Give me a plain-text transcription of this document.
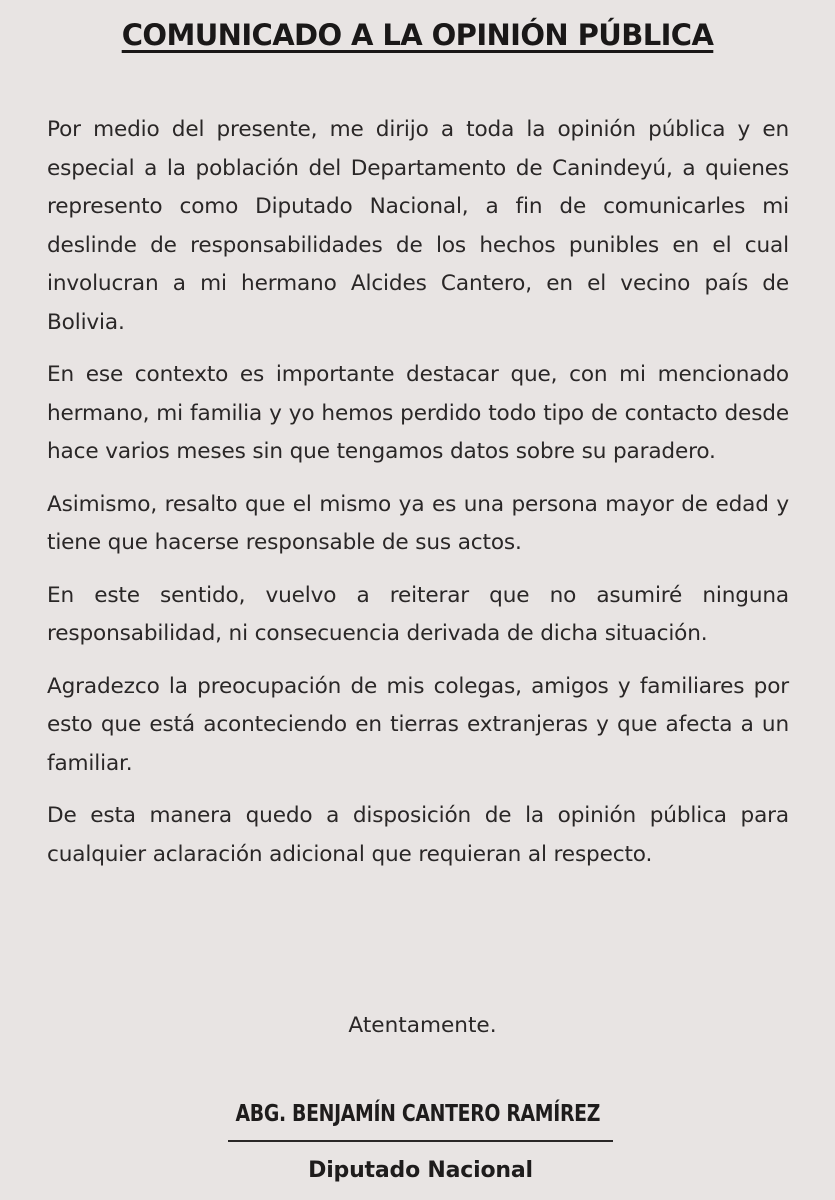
COMUNICADO A LA OPINIÓN PÚBLICA

Por medio del presente, me dirijo a toda la opinión pública y en especial a la población del Departamento de Canindeyú, a quienes represento como Diputado Nacional, a fin de comunicarles mi deslinde de responsabilidades de los hechos punibles en el cual involucran a mi hermano Alcides Cantero, en el vecino país de Bolivia.

En ese contexto es importante destacar que, con mi mencionado hermano, mi familia y yo hemos perdido todo tipo de contacto desde hace varios meses sin que tengamos datos sobre su paradero.

Asimismo, resalto que el mismo ya es una persona mayor de edad y tiene que hacerse responsable de sus actos.

En este sentido, vuelvo a reiterar que no asumiré ninguna responsabilidad, ni consecuencia derivada de dicha situación.

Agradezco la preocupación de mis colegas, amigos y familiares por esto que está aconteciendo en tierras extranjeras y que afecta a un familiar.

De esta manera quedo a disposición de la opinión pública para cualquier aclaración adicional que requieran al respecto.

Atentamente.
ABG. BENJAMÍN CANTERO RAMÍREZ
Diputado Nacional
